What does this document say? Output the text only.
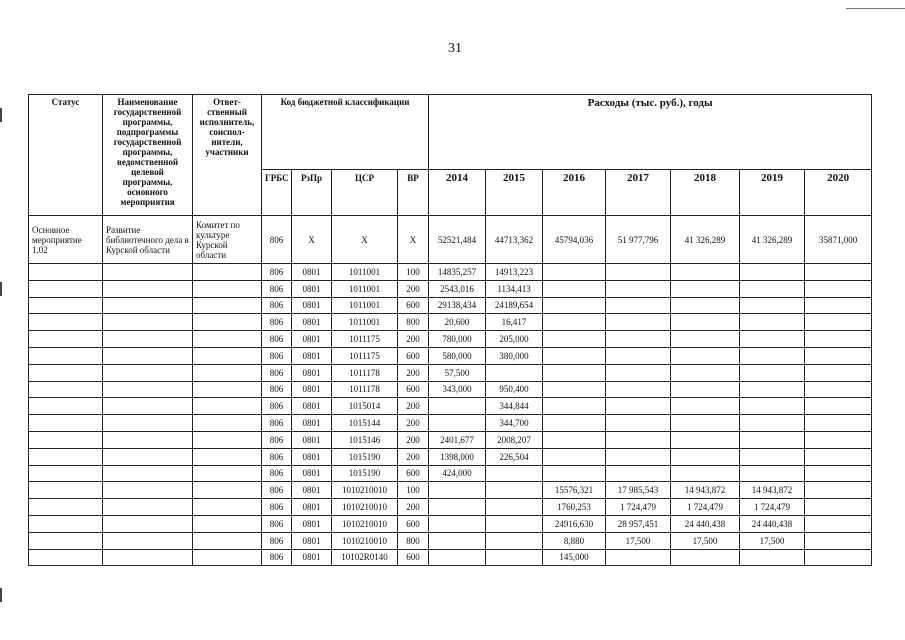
31
Статус	Наименование государственной программы, подпрограммы государственной программы, ведомственной целевой программы, основного мероприятия	Ответ-ственный исполнитель, соиспол-нители, участники	Код бюджетной классификации				Расходы (тыс. руб.), годы						
			ГРБС	РзПр	ЦСР	ВР	2014	2015	2016	2017	2018	2019	2020
Основное мероприятие 1.02	Развитие библиотечного дела в Курской области	Комитет по культуре Курской области	806	Х	Х	Х	52521,484	44713,362	45794,036	51 977,796	41 326,289	41 326,289	35871,000
			806	0801	1011001	100	14835,257	14913,223					
			806	0801	1011001	200	2543,016	1134,413					
			806	0801	1011001	600	29138,434	24189,654					
			806	0801	1011001	800	20,600	16,417					
			806	0801	1011175	200	780,000	205,000					
			806	0801	1011175	600	580,000	380,000					
			806	0801	1011178	200	57,500						
			806	0801	1011178	600	343,000	950,400					
			806	0801	1015014	200		344,844					
			806	0801	1015144	200		344,700					
			806	0801	1015146	200	2401,677	2008,207					
			806	0801	1015190	200	1398,000	226,504					
			806	0801	1015190	600	424,000						
			806	0801	1010210010	100			15576,321	17 985,543	14 943,872	14 943,872	
			806	0801	1010210010	200			1760,253	1 724,479	1 724,479	1 724,479	
			806	0801	1010210010	600			24916,630	28 957,451	24 440,438	24 440,438	
			806	0801	1010210010	800			8,880	17,500	17,500	17,500	
			806	0801	10102R0140	600			145,000				
